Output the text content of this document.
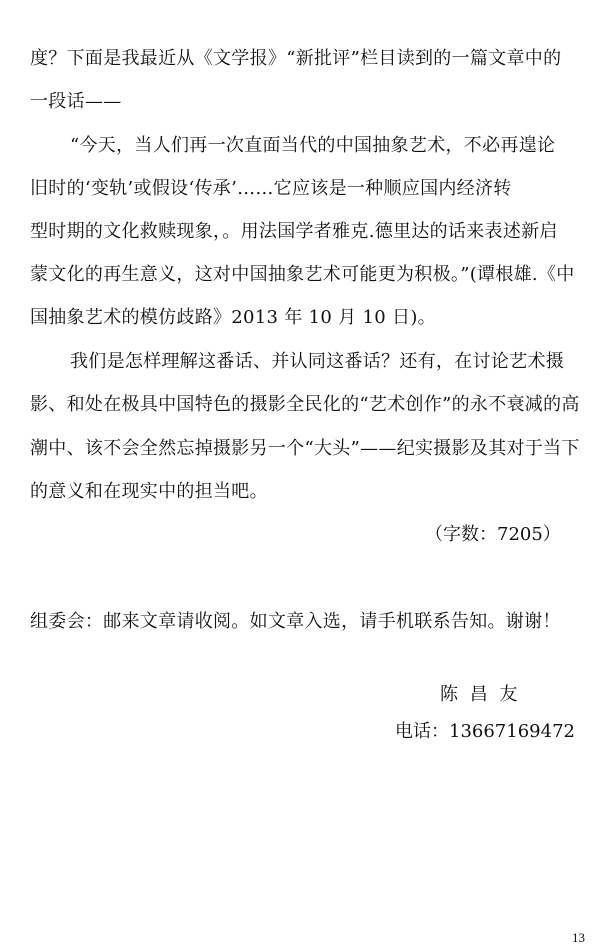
度？下面是我最近从《文学报》“新批评”栏目读到的一篇文章中的
一段话——
“今天，当人们再一次直面当代的中国抽象艺术，不必再遑论
旧时的‘变轨’或假设‘传承’……它应该是一种顺应国内经济转
型时期的文化救赎现象，。用法国学者雅克.德里达的话来表述新启
蒙文化的再生意义，这对中国抽象艺术可能更为积极。”(谭根雄.《中
国抽象艺术的模仿歧路》2013 年 10 月 10 日)。
我们是怎样理解这番话、并认同这番话？还有，在讨论艺术摄
影、和处在极具中国特色的摄影全民化的“艺术创作”的永不衰减的高
潮中、该不会全然忘掉摄影另一个“大头”——纪实摄影及其对于当下
的意义和在现实中的担当吧。
（字数：7205）
组委会：邮来文章请收阅。如文章入选，请手机联系告知。谢谢！
陈 昌 友
电话：13667169472
13
